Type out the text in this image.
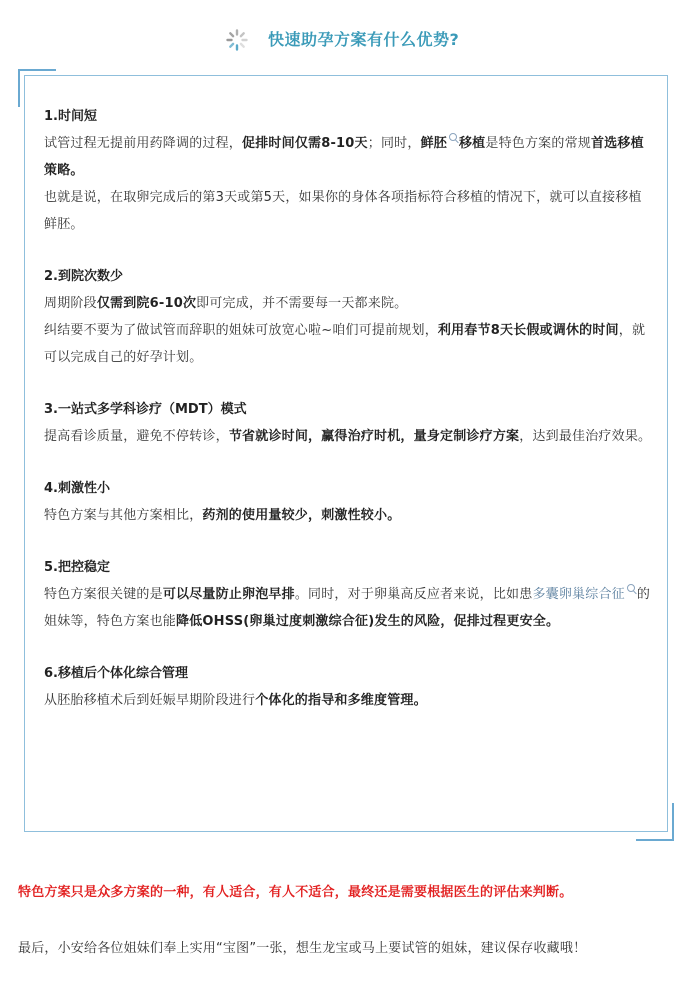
快速助孕方案有什么优势?
1.时间短
试管过程无提前用药降调的过程，促排时间仅需8-10天；同时，鲜胚 移植是特色方案的常规首选移植策略。
也就是说，在取卵完成后的第3天或第5天，如果你的身体各项指标符合移植的情况下，就可以直接移植鲜胚。
2.到院次数少
周期阶段仅需到院6-10次即可完成，并不需要每一天都来院。
纠结要不要为了做试管而辞职的姐妹可放宽心啦~咱们可提前规划，利用春节8天长假或调休的时间，就可以完成自己的好孕计划。
3.一站式多学科诊疗（MDT）模式
提高看诊质量，避免不停转诊，节省就诊时间，赢得治疗时机，量身定制诊疗方案，达到最佳治疗效果。
4.刺激性小
特色方案与其他方案相比，药剂的使用量较少，刺激性较小。
5.把控稳定
特色方案很关键的是可以尽量防止卵泡早排。同时，对于卵巢高反应者来说，比如患多囊卵巢综合征 的姐妹等，特色方案也能降低OHSS(卵巢过度刺激综合征)发生的风险，促排过程更安全。
6.移植后个体化综合管理
从胚胎移植术后到妊娠早期阶段进行个体化的指导和多维度管理。
特色方案只是众多方案的一种，有人适合，有人不适合，最终还是需要根据医生的评估来判断。
最后，小安给各位姐妹们奉上实用“宝图”一张，想生龙宝或马上要试管的姐妹，建议保存收藏哦！
